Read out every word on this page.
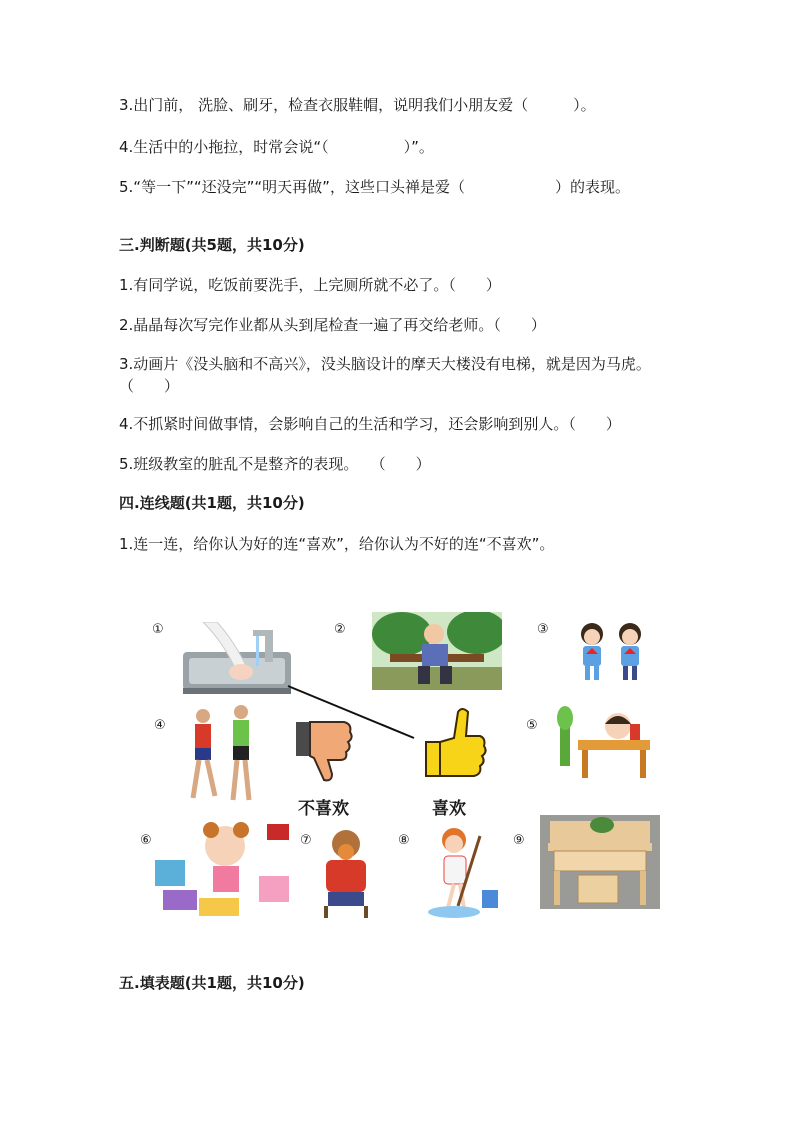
3.出门前， 洗脸、刷牙，检查衣服鞋帽，说明我们小朋友爱（　　　）。
4.生活中的小拖拉，时常会说“（　　　　　）”。
5.“等一下”“还没完”“明天再做”，这些口头禅是爱（　　　　　　）的表现。
三.判断题(共5题，共10分)
1.有同学说，吃饭前要洗手，上完厕所就不必了。（　　）
2.晶晶每次写完作业都从头到尾检查一遍了再交给老师。（　　）
3.动画片《没头脑和不高兴》，没头脑设计的摩天大楼没有电梯，就是因为马虎。（　　）
4.不抓紧时间做事情，会影响自己的生活和学习，还会影响到别人。（　　）
5.班级教室的脏乱不是整齐的表现。　 （　　）
四.连线题(共1题，共10分)
1.连一连，给你认为好的连“喜欢”，给你认为不好的连“不喜欢”。
①	②	③
④	⑤
⑥	⑦	⑧	⑨
不喜欢	喜欢
五.填表题(共1题，共10分)
